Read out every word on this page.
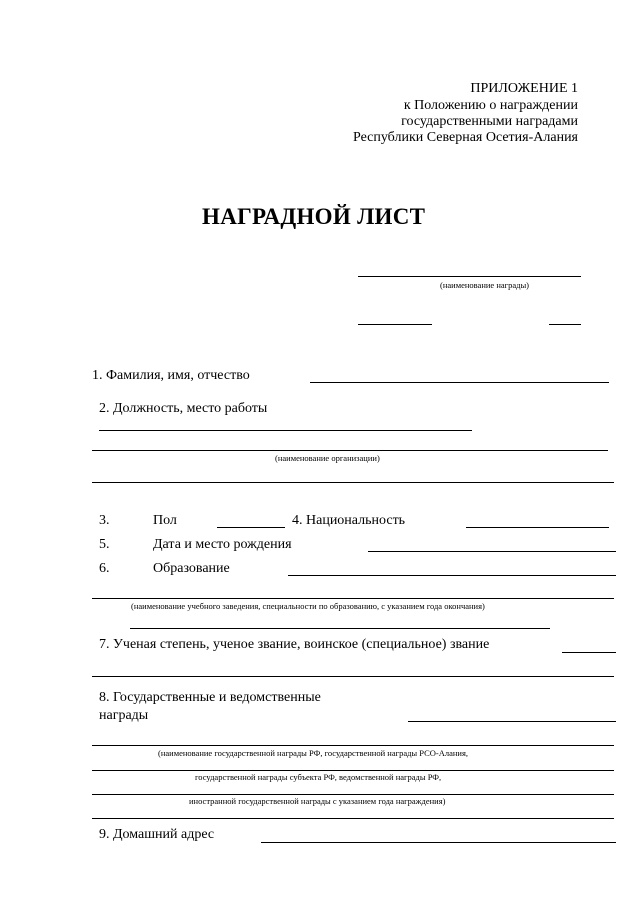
ПРИЛОЖЕНИЕ 1
к Положению о награждении
государственными наградами
Республики Северная Осетия-Алания
НАГРАДНОЙ ЛИСТ
(наименование награды)
1. Фамилия, имя, отчество
2. Должность, место работы
(наименование организации)
3.	Пол	4. Национальность
5.	Дата и место рождения
6.	Образование
(наименование учебного заведения, специальности по образованию, с указанием года окончания)
7. Ученая степень, ученое звание, воинское (специальное) звание
8. Государственные и ведомственные
награды
(наименование государственной награды РФ, государственной награды РСО-Алания,
государственной награды субъекта РФ, ведомственной награды РФ,
иностранной государственной награды с указанием года награждения)
9. Домашний адрес
